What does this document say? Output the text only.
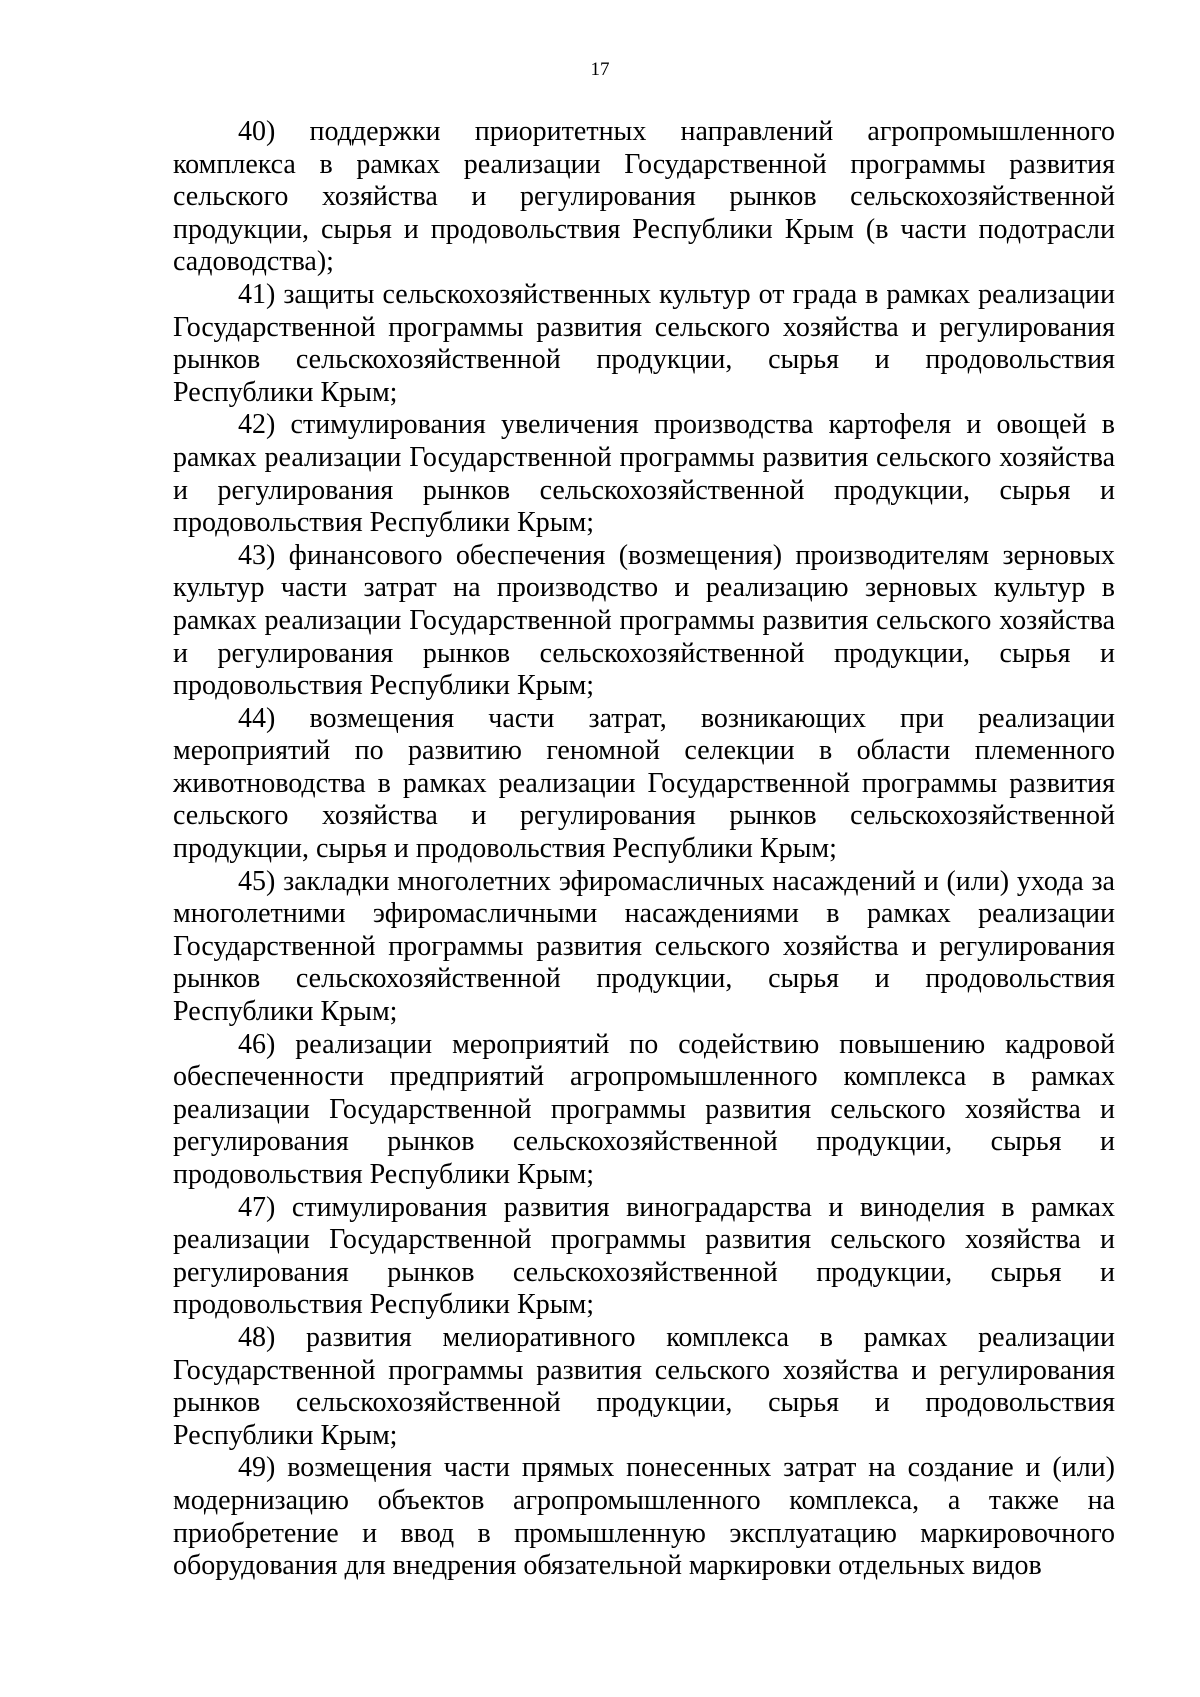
17

40) поддержки приоритетных направлений агропромышленного комплекса в рамках реализации Государственной программы развития сельского хозяйства и регулирования рынков сельскохозяйственной продукции, сырья и продовольствия Республики Крым (в части подотрасли садоводства);

41) защиты сельскохозяйственных культур от града в рамках реализации Государственной программы развития сельского хозяйства и регулирования рынков сельскохозяйственной продукции, сырья и продовольствия Республики Крым;

42) стимулирования увеличения производства картофеля и овощей в рамках реализации Государственной программы развития сельского хозяйства и регулирования рынков сельскохозяйственной продукции, сырья и продовольствия Республики Крым;

43) финансового обеспечения (возмещения) производителям зерновых культур части затрат на производство и реализацию зерновых культур в рамках реализации Государственной программы развития сельского хозяйства и регулирования рынков сельскохозяйственной продукции, сырья и продовольствия Республики Крым;

44) возмещения части затрат, возникающих при реализации мероприятий по развитию геномной селекции в области племенного животноводства в рамках реализации Государственной программы развития сельского хозяйства и регулирования рынков сельскохозяйственной продукции, сырья и продовольствия Республики Крым;

45) закладки многолетних эфиромасличных насаждений и (или) ухода за многолетними эфиромасличными насаждениями в рамках реализации Государственной программы развития сельского хозяйства и регулирования рынков сельскохозяйственной продукции, сырья и продовольствия Республики Крым;

46) реализации мероприятий по содействию повышению кадровой обеспеченности предприятий агропромышленного комплекса в рамках реализации Государственной программы развития сельского хозяйства и регулирования рынков сельскохозяйственной продукции, сырья и продовольствия Республики Крым;

47) стимулирования развития виноградарства и виноделия в рамках реализации Государственной программы развития сельского хозяйства и регулирования рынков сельскохозяйственной продукции, сырья и продовольствия Республики Крым;

48) развития мелиоративного комплекса в рамках реализации Государственной программы развития сельского хозяйства и регулирования рынков сельскохозяйственной продукции, сырья и продовольствия Республики Крым;

49) возмещения части прямых понесенных затрат на создание и (или) модернизацию объектов агропромышленного комплекса, а также на приобретение и ввод в промышленную эксплуатацию маркировочного оборудования для внедрения обязательной маркировки отдельных видов
